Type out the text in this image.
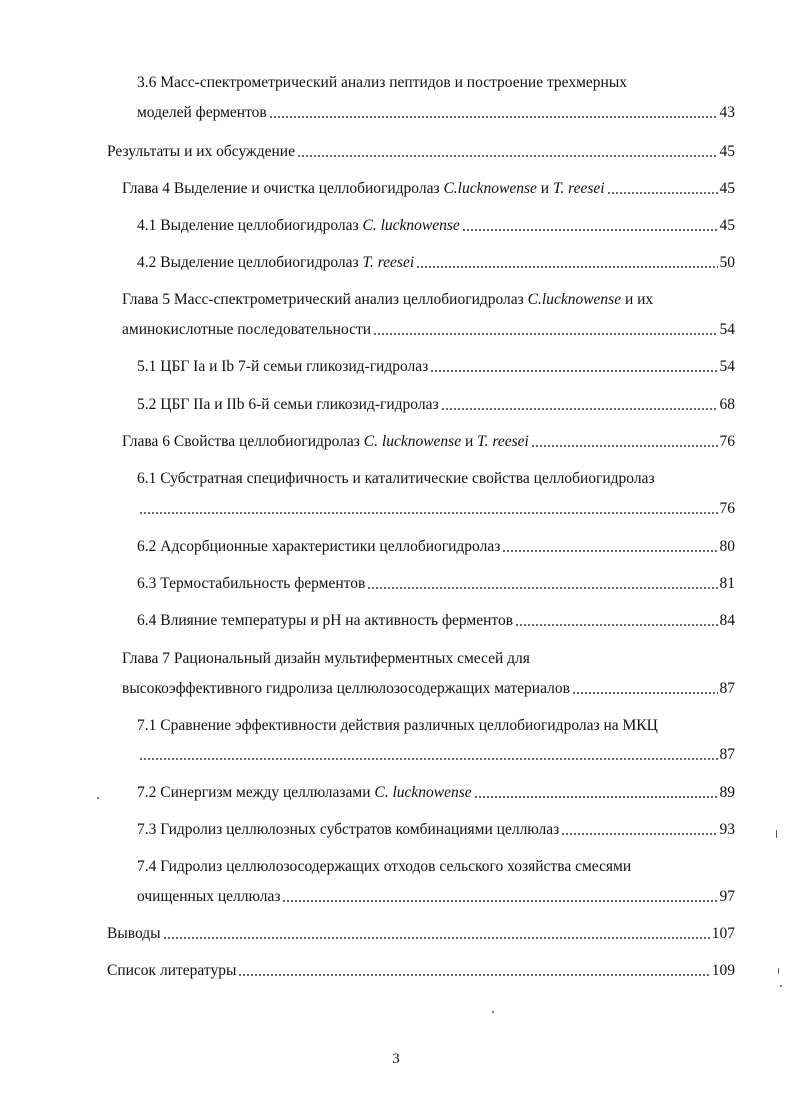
3.6 Масс-спектрометрический анализ пептидов и построение трехмерных
моделей ферментов	43
Результаты и их обсуждение	45
Глава 4 Выделение и очистка целлобиогидролаз C.lucknowense и T. reesei	45
4.1 Выделение целлобиогидролаз C. lucknowense	45
4.2 Выделение целлобиогидролаз T. reesei	50
Глава 5 Масс-спектрометрический анализ целлобиогидролаз C.lucknowense и их
аминокислотные последовательности	54
5.1 ЦБГ Ia и Ib 7-й семьи гликозид-гидролаз	54
5.2 ЦБГ IIa и IIb 6-й семьи гликозид-гидролаз	68
Глава 6 Свойства целлобиогидролаз C. lucknowense и T. reesei	76
6.1 Субстратная специфичность и каталитические свойства целлобиогидролаз
76
6.2 Адсорбционные характеристики целлобиогидролаз	80
6.3 Термостабильность ферментов	81
6.4 Влияние температуры и pH на активность ферментов	84
Глава 7 Рациональный дизайн мультиферментных смесей для
высокоэффективного гидролиза целлюлозосодержащих материалов	87
7.1 Сравнение эффективности действия различных целлобиогидролаз на МКЦ
87
7.2 Синергизм между целлюлазами C. lucknowense	89
7.3 Гидролиз целлюлозных субстратов комбинациями целлюлаз	93
7.4 Гидролиз целлюлозосодержащих отходов сельского хозяйства смесями
очищенных целлюлаз	97
Выводы	107
Список литературы	109
3
